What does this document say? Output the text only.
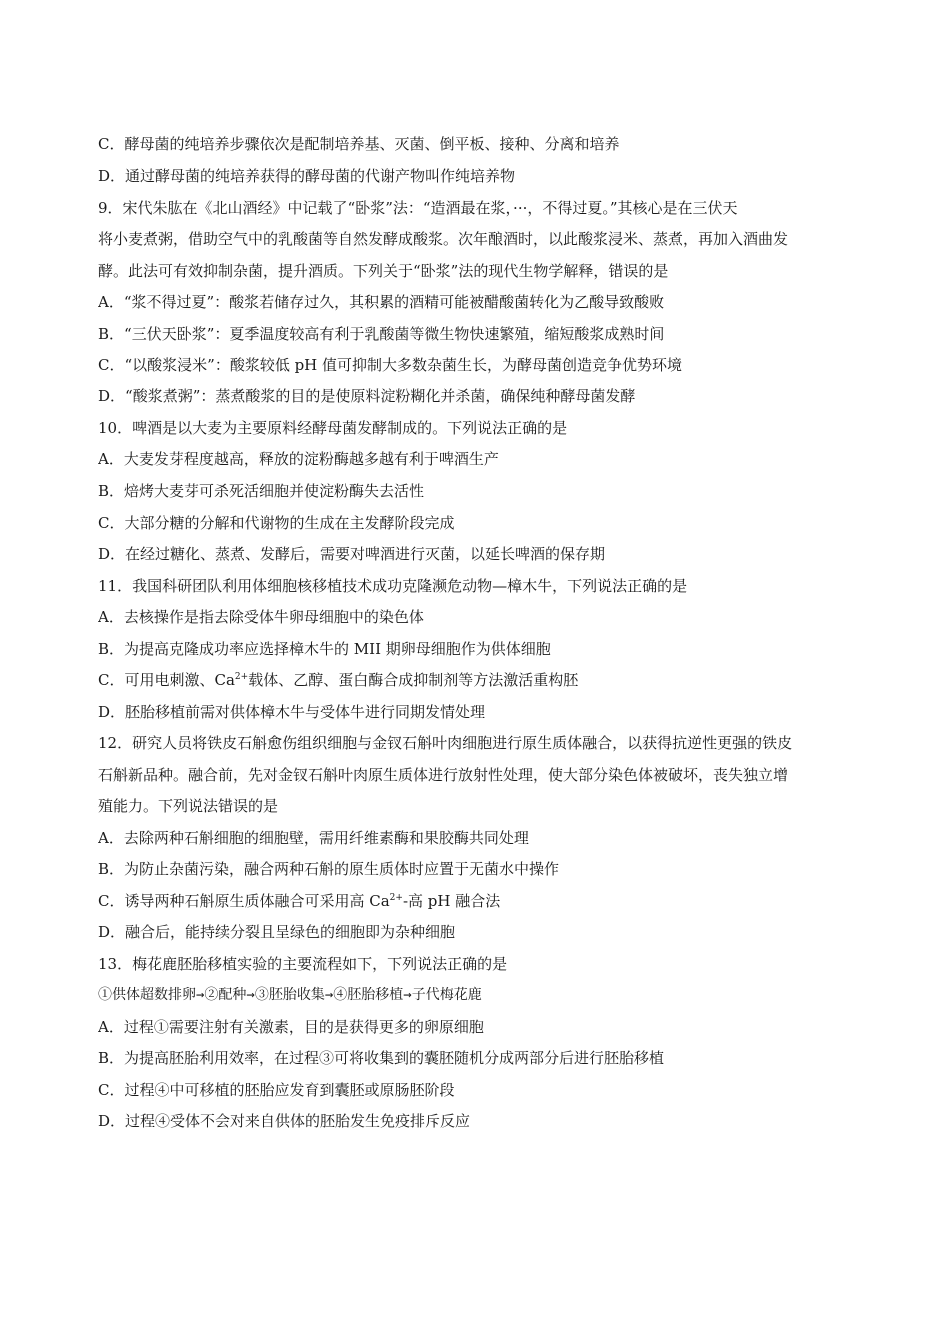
C．酵母菌的纯培养步骤依次是配制培养基、灭菌、倒平板、接种、分离和培养
D．通过酵母菌的纯培养获得的酵母菌的代谢产物叫作纯培养物
9．宋代朱肱在《北山酒经》中记载了“卧浆”法：“造酒最在浆，···，不得过夏。”其核心是在三伏天
将小麦煮粥，借助空气中的乳酸菌等自然发酵成酸浆。次年酿酒时，以此酸浆浸米、蒸煮，再加入酒曲发
酵。此法可有效抑制杂菌，提升酒质。下列关于“卧浆”法的现代生物学解释，错误的是
A．“浆不得过夏”：酸浆若储存过久，其积累的酒精可能被醋酸菌转化为乙酸导致酸败
B．“三伏天卧浆”：夏季温度较高有利于乳酸菌等微生物快速繁殖，缩短酸浆成熟时间
C．“以酸浆浸米”：酸浆较低 pH 值可抑制大多数杂菌生长，为酵母菌创造竞争优势环境
D．“酸浆煮粥”：蒸煮酸浆的目的是使原料淀粉糊化并杀菌，确保纯种酵母菌发酵
10．啤酒是以大麦为主要原料经酵母菌发酵制成的。下列说法正确的是
A．大麦发芽程度越高，释放的淀粉酶越多越有利于啤酒生产
B．焙烤大麦芽可杀死活细胞并使淀粉酶失去活性
C．大部分糖的分解和代谢物的生成在主发酵阶段完成
D．在经过糖化、蒸煮、发酵后，需要对啤酒进行灭菌，以延长啤酒的保存期
11．我国科研团队利用体细胞核移植技术成功克隆濒危动物—樟木牛，下列说法正确的是
A．去核操作是指去除受体牛卵母细胞中的染色体
B．为提高克隆成功率应选择樟木牛的 MII 期卵母细胞作为供体细胞
C．可用电刺激、$Ca^{2+}$载体、乙醇、蛋白酶合成抑制剂等方法激活重构胚
D．胚胎移植前需对供体樟木牛与受体牛进行同期发情处理
12．研究人员将铁皮石斛愈伤组织细胞与金钗石斛叶肉细胞进行原生质体融合，以获得抗逆性更强的铁皮
石斛新品种。融合前，先对金钗石斛叶肉原生质体进行放射性处理，使大部分染色体被破坏，丧失独立增
殖能力。下列说法错误的是
A．去除两种石斛细胞的细胞壁，需用纤维素酶和果胶酶共同处理
B．为防止杂菌污染，融合两种石斛的原生质体时应置于无菌水中操作
C．诱导两种石斛原生质体融合可采用高 $Ca^{2+}-$高 pH 融合法
D．融合后，能持续分裂且呈绿色的细胞即为杂种细胞
13．梅花鹿胚胎移植实验的主要流程如下，下列说法正确的是
①供体超数排卵→②配种→③胚胎收集→④胚胎移植→子代梅花鹿
A．过程①需要注射有关激素，目的是获得更多的卵原细胞
B．为提高胚胎利用效率，在过程③可将收集到的囊胚随机分成两部分后进行胚胎移植
C．过程④中可移植的胚胎应发育到囊胚或原肠胚阶段
D．过程④受体不会对来自供体的胚胎发生免疫排斥反应
